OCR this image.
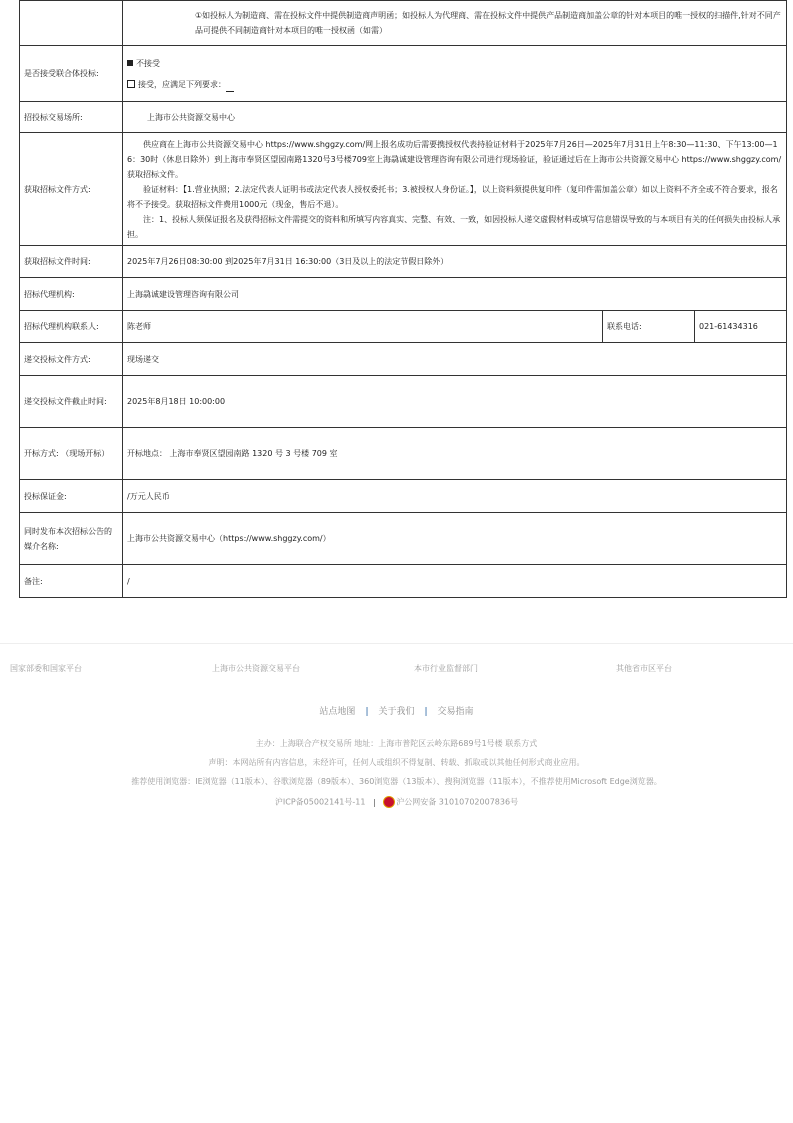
	①如投标人为制造商、需在投标文件中提供制造商声明函；如投标人为代理商、需在投标文件中提供产品制造商加盖公章的针对本项目的唯一授权的扫描件,针对不同产品可提供不同制造商针对本项目的唯一授权函（如需）		

是否接受联合体投标:	不接受
接受，应满足下列要求：		

招投标交易场所:	上海市公共资源交易中心		
获取招标文件方式:	供应商在上海市公共资源交易中心 https://www.shggzy.com/网上报名成功后需要携授权代表持验证材料于2025年7月26日—2025年7月31日上午8:30—11:30、下午13:00—16：30时（休息日除外）到上海市奉贤区望园南路1320号3号楼709室上海骉诚建设管理咨询有限公司进行现场验证，验证通过后在上海市公共资源交易中心 https://www.shggzy.com/获取招标文件。
验证材料：【1.营业执照；2.法定代表人证明书或法定代表人授权委托书；3.被授权人身份证。】，以上资料须提供复印件（复印件需加盖公章）如以上资料不齐全或不符合要求，报名将不予接受。获取招标文件费用1000元（现金，售后不退）。
注：1、投标人须保证报名及获得招标文件需提交的资料和所填写内容真实、完整、有效、一致，如因投标人递交虚假材料或填写信息错误导致的与本项目有关的任何损失由投标人承担。		

获取招标文件时间:	2025年7月26日08:30:00 到2025年7月31日 16:30:00（3日及以上的法定节假日除外）		
招标代理机构:	上海骉诚建设管理咨询有限公司		
招标代理机构联系人:	陈老师	联系电话:	021-61434316
递交投标文件方式:	现场递交		
递交投标文件截止时间:	2025年8月18日 10:00:00		
开标方式: （现场开标）	开标地点： 上海市奉贤区望园南路 1320 号 3 号楼 709 室		
投标保证金:	/万元人民币		
同时发布本次招标公告的媒介名称:	上海市公共资源交易中心（https://www.shggzy.com/）		
备注:	/		
国家部委和国家平台	上海市公共资源交易平台	本市行业监督部门	其他省市区平台
站点地图 | 关于我们 | 交易指南
主办：上海联合产权交易所 地址：上海市普陀区云岭东路689号1号楼 联系方式
声明：本网站所有内容信息，未经许可，任何人或组织不得复制、转载、抓取或以其他任何形式商业应用。
推荐使用浏览器：IE浏览器（11版本）、谷歌浏览器（89版本）、360浏览器（13版本）、搜狗浏览器（11版本），不推荐使用Microsoft Edge浏览器。
沪ICP备05002141号-11 |	沪公网安备 31010702007836号
